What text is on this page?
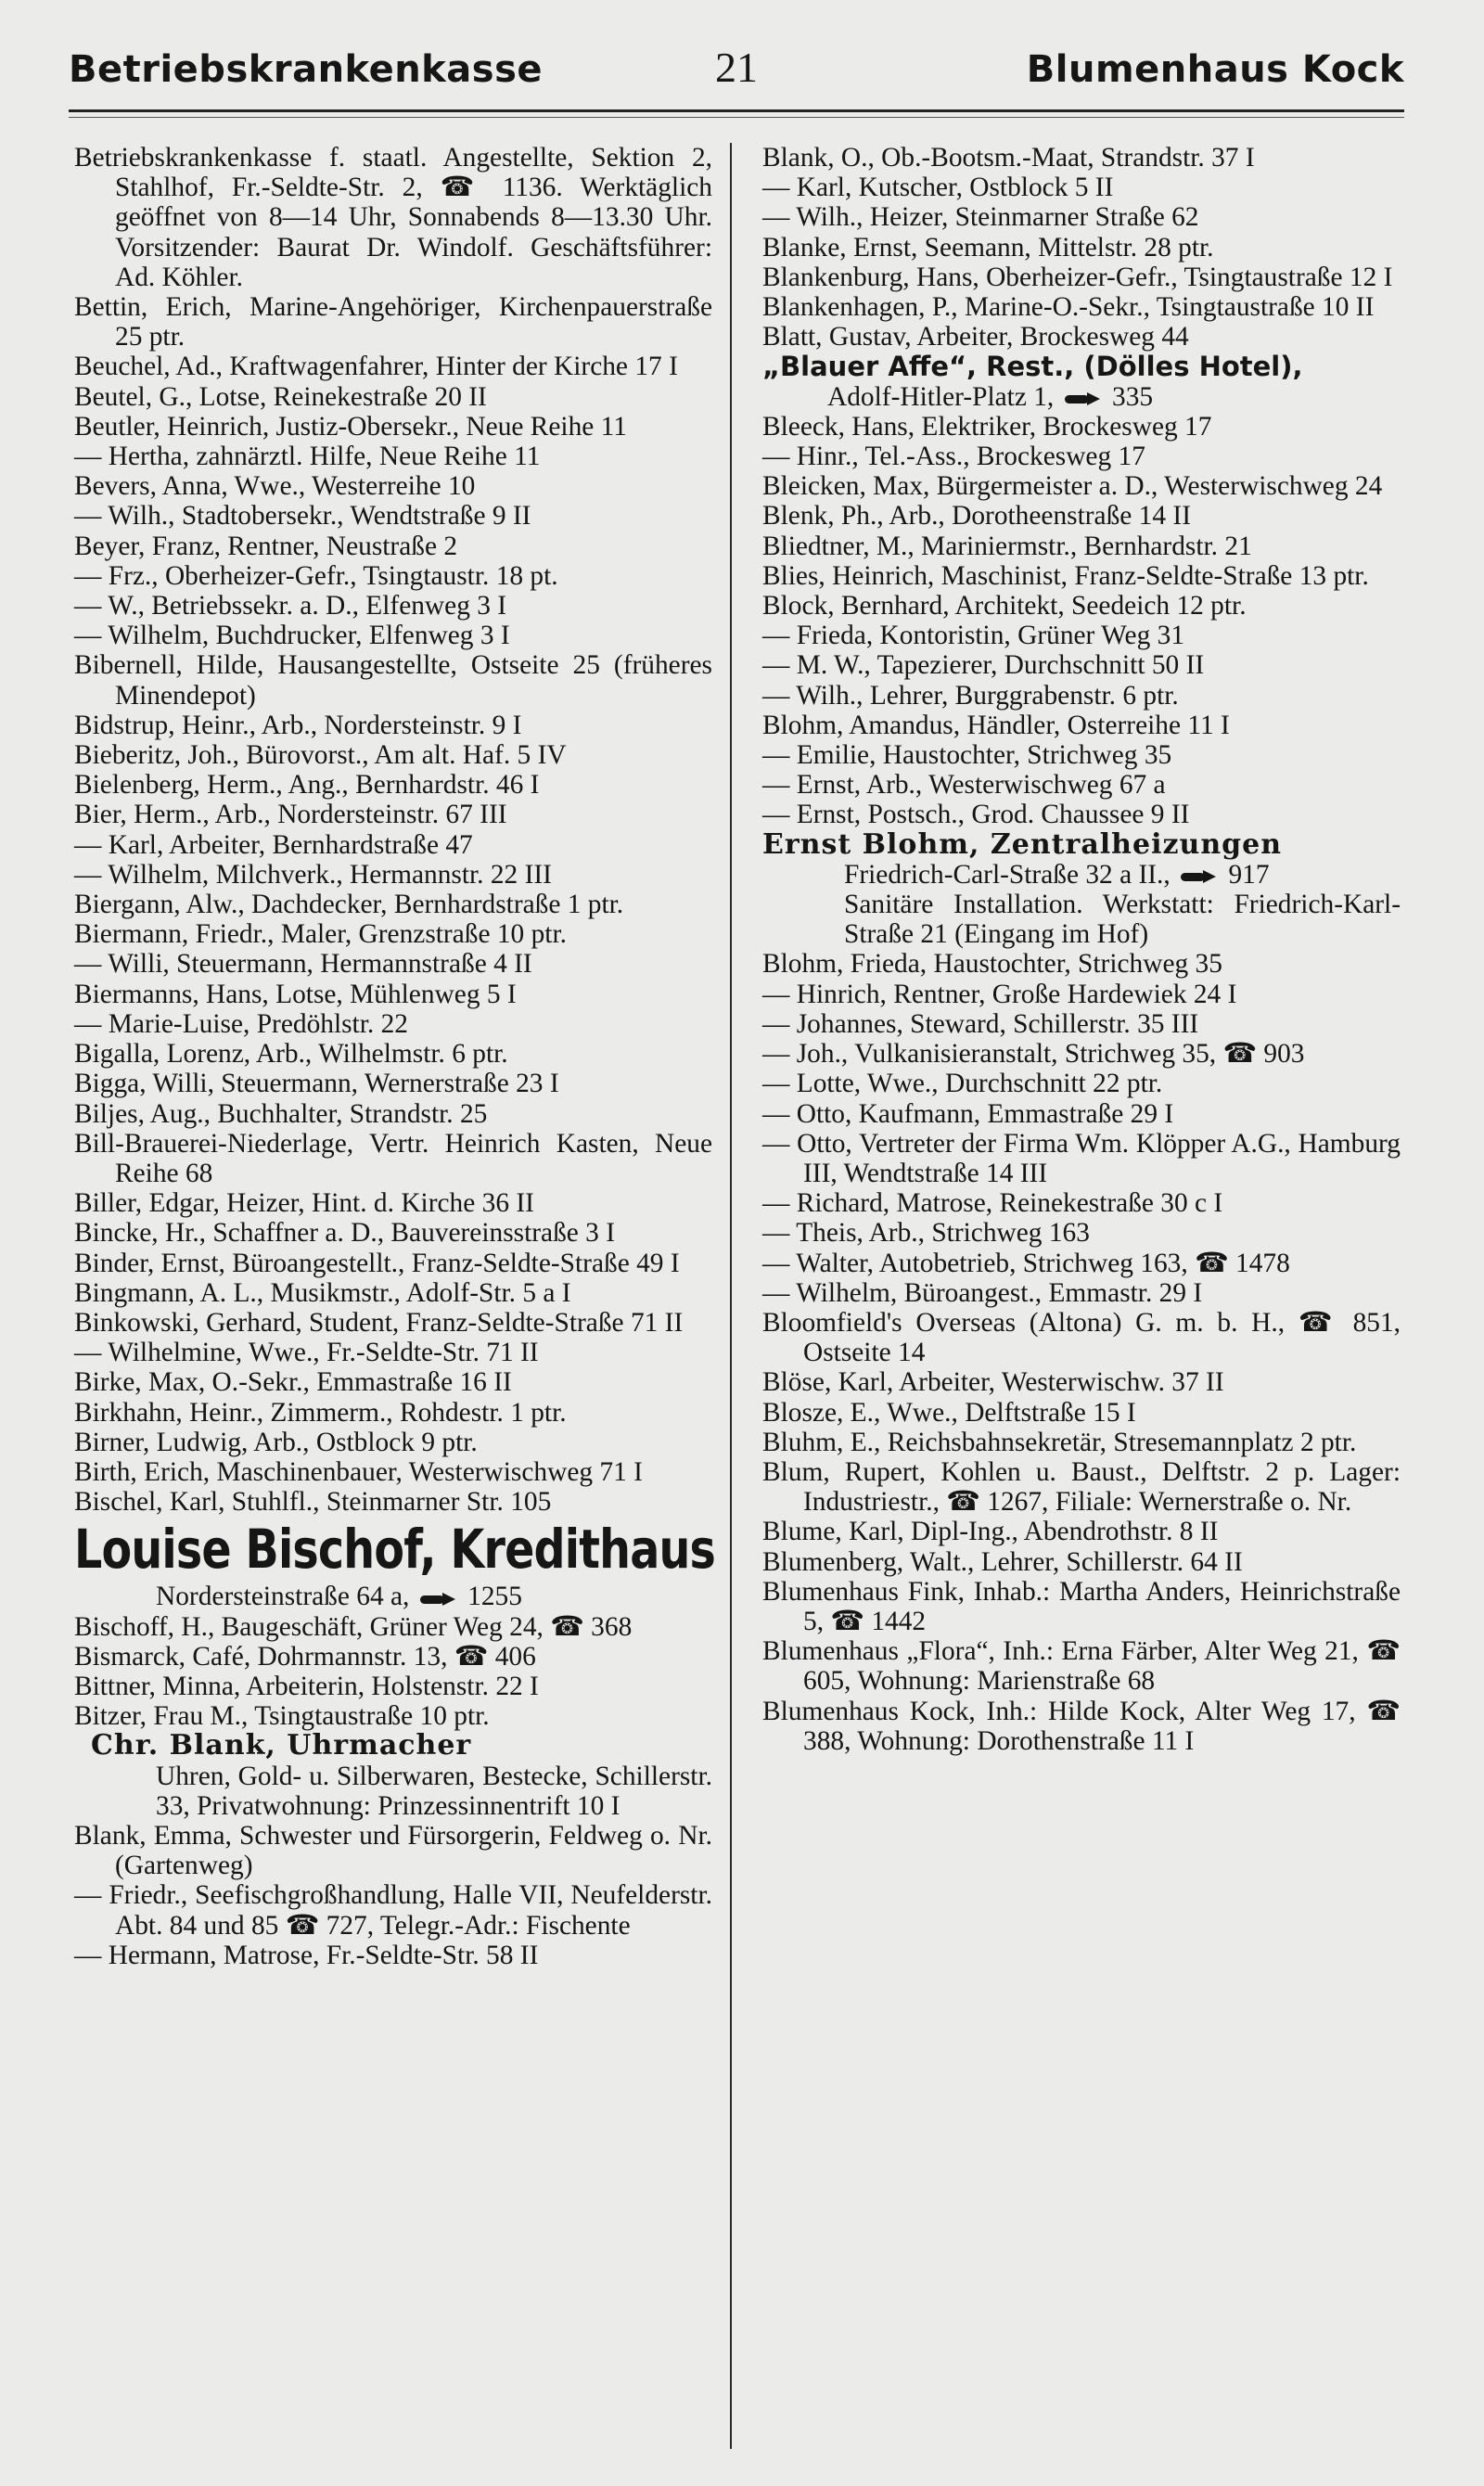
Betriebskrankenkasse	21	Blumenhaus Kock
Betriebskrankenkasse f. staatl. Angestellte, Sektion 2, Stahlhof, Fr.-Seldte-Str. 2, ☎ 1136. Werktäglich geöffnet von 8—14 Uhr, Sonnabends 8—13.30 Uhr. Vorsitzender: Baurat Dr. Windolf. Geschäftsführer: Ad. Köhler.
Bettin, Erich, Marine-Angehöriger, Kirchenpauerstraße 25 ptr.
Beuchel, Ad., Kraftwagenfahrer, Hinter der Kirche 17 I
Beutel, G., Lotse, Reinekestraße 20 II
Beutler, Heinrich, Justiz-Obersekr., Neue Reihe 11
— Hertha, zahnärztl. Hilfe, Neue Reihe 11
Bevers, Anna, Wwe., Westerreihe 10
— Wilh., Stadtobersekr., Wendtstraße 9 II
Beyer, Franz, Rentner, Neustraße 2
— Frz., Oberheizer-Gefr., Tsingtaustr. 18 pt.
— W., Betriebssekr. a. D., Elfenweg 3 I
— Wilhelm, Buchdrucker, Elfenweg 3 I
Bibernell, Hilde, Hausangestellte, Ostseite 25 (früheres Minendepot)
Bidstrup, Heinr., Arb., Nordersteinstr. 9 I
Bieberitz, Joh., Bürovorst., Am alt. Haf. 5 IV
Bielenberg, Herm., Ang., Bernhardstr. 46 I
Bier, Herm., Arb., Nordersteinstr. 67 III
— Karl, Arbeiter, Bernhardstraße 47
— Wilhelm, Milchverk., Hermannstr. 22 III
Biergann, Alw., Dachdecker, Bernhardstraße 1 ptr.
Biermann, Friedr., Maler, Grenzstraße 10 ptr.
— Willi, Steuermann, Hermannstraße 4 II
Biermanns, Hans, Lotse, Mühlenweg 5 I
— Marie-Luise, Predöhlstr. 22
Bigalla, Lorenz, Arb., Wilhelmstr. 6 ptr.
Bigga, Willi, Steuermann, Wernerstraße 23 I
Biljes, Aug., Buchhalter, Strandstr. 25
Bill-Brauerei-Niederlage, Vertr. Heinrich Kasten, Neue Reihe 68
Biller, Edgar, Heizer, Hint. d. Kirche 36 II
Bincke, Hr., Schaffner a. D., Bauvereinsstraße 3 I
Binder, Ernst, Büroangestellt., Franz-Seldte-Straße 49 I
Bingmann, A. L., Musikmstr., Adolf-Str. 5 a I
Binkowski, Gerhard, Student, Franz-Seldte-Straße 71 II
— Wilhelmine, Wwe., Fr.-Seldte-Str. 71 II
Birke, Max, O.-Sekr., Emmastraße 16 II
Birkhahn, Heinr., Zimmerm., Rohdestr. 1 ptr.
Birner, Ludwig, Arb., Ostblock 9 ptr.
Birth, Erich, Maschinenbauer, Westerwischweg 71 I
Bischel, Karl, Stuhlfl., Steinmarner Str. 105
Louise Bischof, Kredithaus
Nordersteinstraße 64 a, 1255
Bischoff, H., Baugeschäft, Grüner Weg 24, ☎ 368
Bismarck, Café, Dohrmannstr. 13, ☎ 406
Bittner, Minna, Arbeiterin, Holstenstr. 22 I
Bitzer, Frau M., Tsingtaustraße 10 ptr.
Chr. Blank, Uhrmacher
Uhren, Gold- u. Silberwaren, Bestecke, Schillerstr. 33, Privatwohnung: Prinzessinnentrift 10 I
Blank, Emma, Schwester und Fürsorgerin, Feldweg o. Nr. (Gartenweg)
— Friedr., Seefischgroßhandlung, Halle VII, Neufelderstr. Abt. 84 und 85 ☎ 727, Telegr.-Adr.: Fischente
— Hermann, Matrose, Fr.-Seldte-Str. 58 II
Blank, O., Ob.-Bootsm.-Maat, Strandstr. 37 I
— Karl, Kutscher, Ostblock 5 II
— Wilh., Heizer, Steinmarner Straße 62
Blanke, Ernst, Seemann, Mittelstr. 28 ptr.
Blankenburg, Hans, Oberheizer-Gefr., Tsingtaustraße 12 I
Blankenhagen, P., Marine-O.-Sekr., Tsingtaustraße 10 II
Blatt, Gustav, Arbeiter, Brockesweg 44
„Blauer Affe“, Rest., (Dölles Hotel),
Adolf-Hitler-Platz 1, 335
Bleeck, Hans, Elektriker, Brockesweg 17
— Hinr., Tel.-Ass., Brockesweg 17
Bleicken, Max, Bürgermeister a. D., Westerwischweg 24
Blenk, Ph., Arb., Dorotheenstraße 14 II
Bliedtner, M., Mariniermstr., Bernhardstr. 21
Blies, Heinrich, Maschinist, Franz-Seldte-Straße 13 ptr.
Block, Bernhard, Architekt, Seedeich 12 ptr.
— Frieda, Kontoristin, Grüner Weg 31
— M. W., Tapezierer, Durchschnitt 50 II
— Wilh., Lehrer, Burggrabenstr. 6 ptr.
Blohm, Amandus, Händler, Osterreihe 11 I
— Emilie, Haustochter, Strichweg 35
— Ernst, Arb., Westerwischweg 67 a
— Ernst, Postsch., Grod. Chaussee 9 II
Ernst Blohm, Zentralheizungen
Friedrich-Carl-Straße 32 a II., 917
Sanitäre Installation. Werkstatt: Friedrich-Karl-Straße 21 (Eingang im Hof)
Blohm, Frieda, Haustochter, Strichweg 35
— Hinrich, Rentner, Große Hardewiek 24 I
— Johannes, Steward, Schillerstr. 35 III
— Joh., Vulkanisieranstalt, Strichweg 35, ☎ 903
— Lotte, Wwe., Durchschnitt 22 ptr.
— Otto, Kaufmann, Emmastraße 29 I
— Otto, Vertreter der Firma Wm. Klöpper A.G., Hamburg III, Wendtstraße 14 III
— Richard, Matrose, Reinekestraße 30 c I
— Theis, Arb., Strichweg 163
— Walter, Autobetrieb, Strichweg 163, ☎ 1478
— Wilhelm, Büroangest., Emmastr. 29 I
Bloomfield's Overseas (Altona) G. m. b. H., ☎ 851, Ostseite 14
Blöse, Karl, Arbeiter, Westerwischw. 37 II
Blosze, E., Wwe., Delftstraße 15 I
Bluhm, E., Reichsbahnsekretär, Stresemannplatz 2 ptr.
Blum, Rupert, Kohlen u. Baust., Delftstr. 2 p. Lager: Industriestr., ☎ 1267, Filiale: Wernerstraße o. Nr.
Blume, Karl, Dipl-Ing., Abendrothstr. 8 II
Blumenberg, Walt., Lehrer, Schillerstr. 64 II
Blumenhaus Fink, Inhab.: Martha Anders, Heinrichstraße 5, ☎ 1442
Blumenhaus „Flora“, Inh.: Erna Färber, Alter Weg 21, ☎ 605, Wohnung: Marienstraße 68
Blumenhaus Kock, Inh.: Hilde Kock, Alter Weg 17, ☎ 388, Wohnung: Dorothenstraße 11 I
